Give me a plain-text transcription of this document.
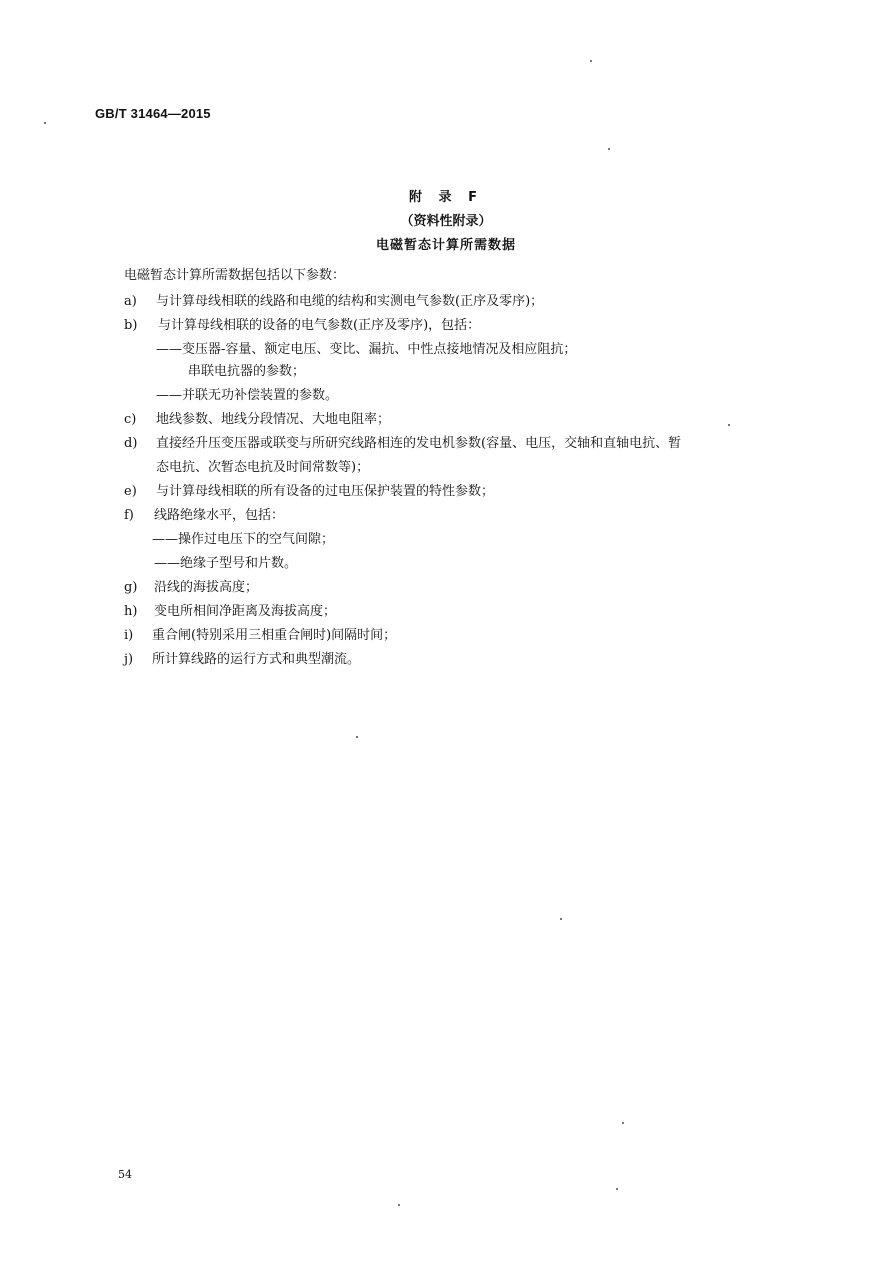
GB/T 31464—2015
附 录 F
（资料性附录）
电磁暂态计算所需数据
电磁暂态计算所需数据包括以下参数：
a) 与计算母线相联的线路和电缆的结构和实测电气参数(正序及零序)；
b) 与计算母线相联的设备的电气参数(正序及零序)，包括：
——变压器-容量、额定电压、变比、漏抗、中性点接地情况及相应阻抗；
串联电抗器的参数；
——并联无功补偿装置的参数。
c) 地线参数、地线分段情况、大地电阻率；
d) 直接经升压变压器或联变与所研究线路相连的发电机参数(容量、电压，交轴和直轴电抗、暂
态电抗、次暂态电抗及时间常数等)；
e) 与计算母线相联的所有设备的过电压保护装置的特性参数；
f) 线路绝缘水平，包括：
——操作过电压下的空气间隙；
——绝缘子型号和片数。
g) 沿线的海拔高度；
h) 变电所相间净距离及海拔高度；
i) 重合闸(特别采用三相重合闸时)间隔时间；
j) 所计算线路的运行方式和典型潮流。
54
